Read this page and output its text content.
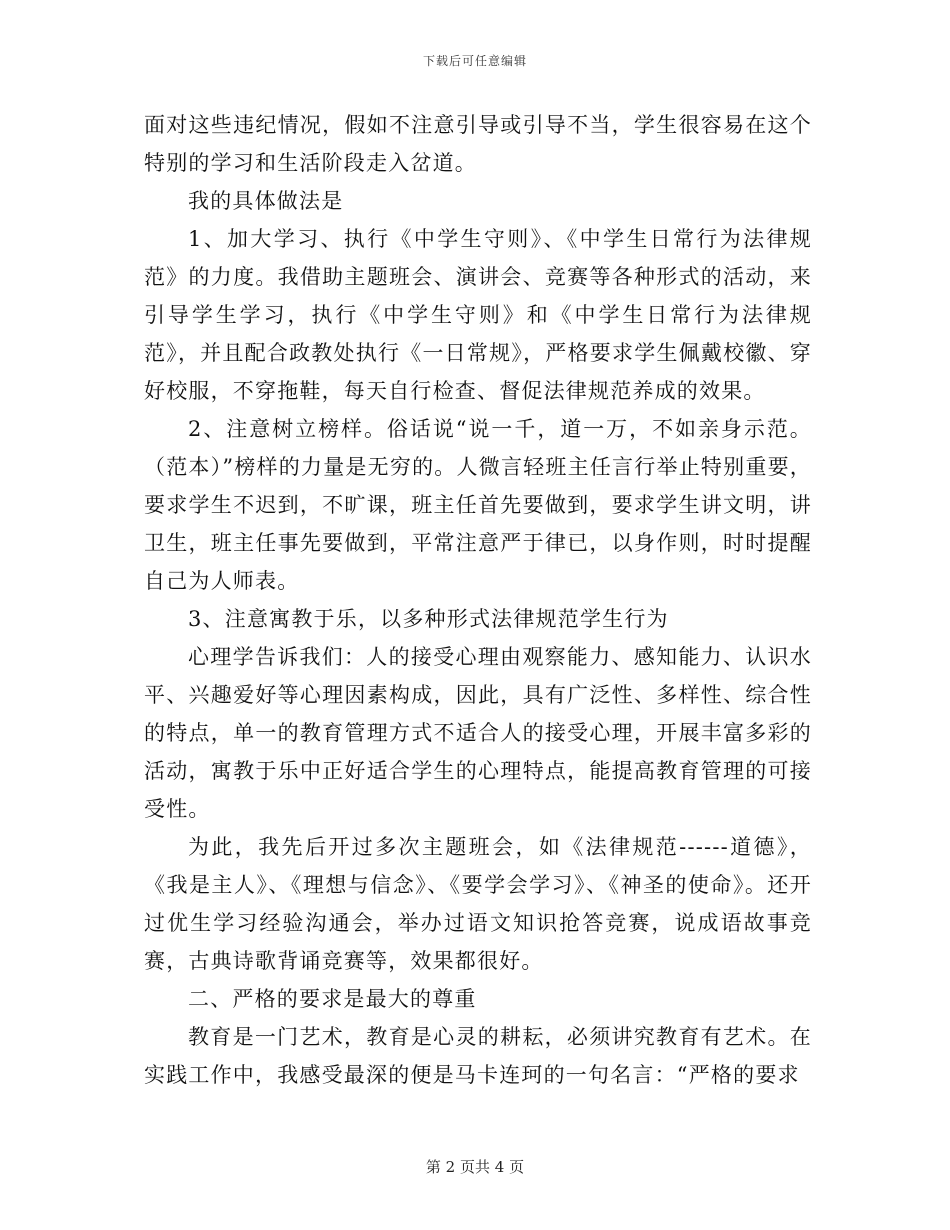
下载后可任意编辑

面对这些违纪情况，假如不注意引导或引导不当，学生很容易在这个特别的学习和生活阶段走入岔道。

我的具体做法是

1、加大学习、执行《中学生守则》、《中学生日常行为法律规范》的力度。我借助主题班会、演讲会、竞赛等各种形式的活动，来引导学生学习，执行《中学生守则》和《中学生日常行为法律规范》，并且配合政教处执行《一日常规》，严格要求学生佩戴校徽、穿好校服，不穿拖鞋，每天自行检查、督促法律规范养成的效果。

2、注意树立榜样。俗话说“说一千，道一万，不如亲身示范。（范本）”榜样的力量是无穷的。人微言轻班主任言行举止特别重要，要求学生不迟到，不旷课，班主任首先要做到，要求学生讲文明，讲卫生，班主任事先要做到，平常注意严于律已，以身作则，时时提醒自己为人师表。

3、注意寓教于乐，以多种形式法律规范学生行为

心理学告诉我们：人的接受心理由观察能力、感知能力、认识水平、兴趣爱好等心理因素构成，因此，具有广泛性、多样性、综合性的特点，单一的教育管理方式不适合人的接受心理，开展丰富多彩的活动，寓教于乐中正好适合学生的心理特点，能提高教育管理的可接受性。

为此，我先后开过多次主题班会，如《法律规范------道德》，《我是主人》、《理想与信念》、《要学会学习》、《神圣的使命》。还开过优生学习经验沟通会，举办过语文知识抢答竞赛，说成语故事竞赛，古典诗歌背诵竞赛等，效果都很好。

二、严格的要求是最大的尊重

教育是一门艺术，教育是心灵的耕耘，必须讲究教育有艺术。在实践工作中，我感受最深的便是马卡连珂的一句名言：“严格的要求

第 2 页共 4 页
